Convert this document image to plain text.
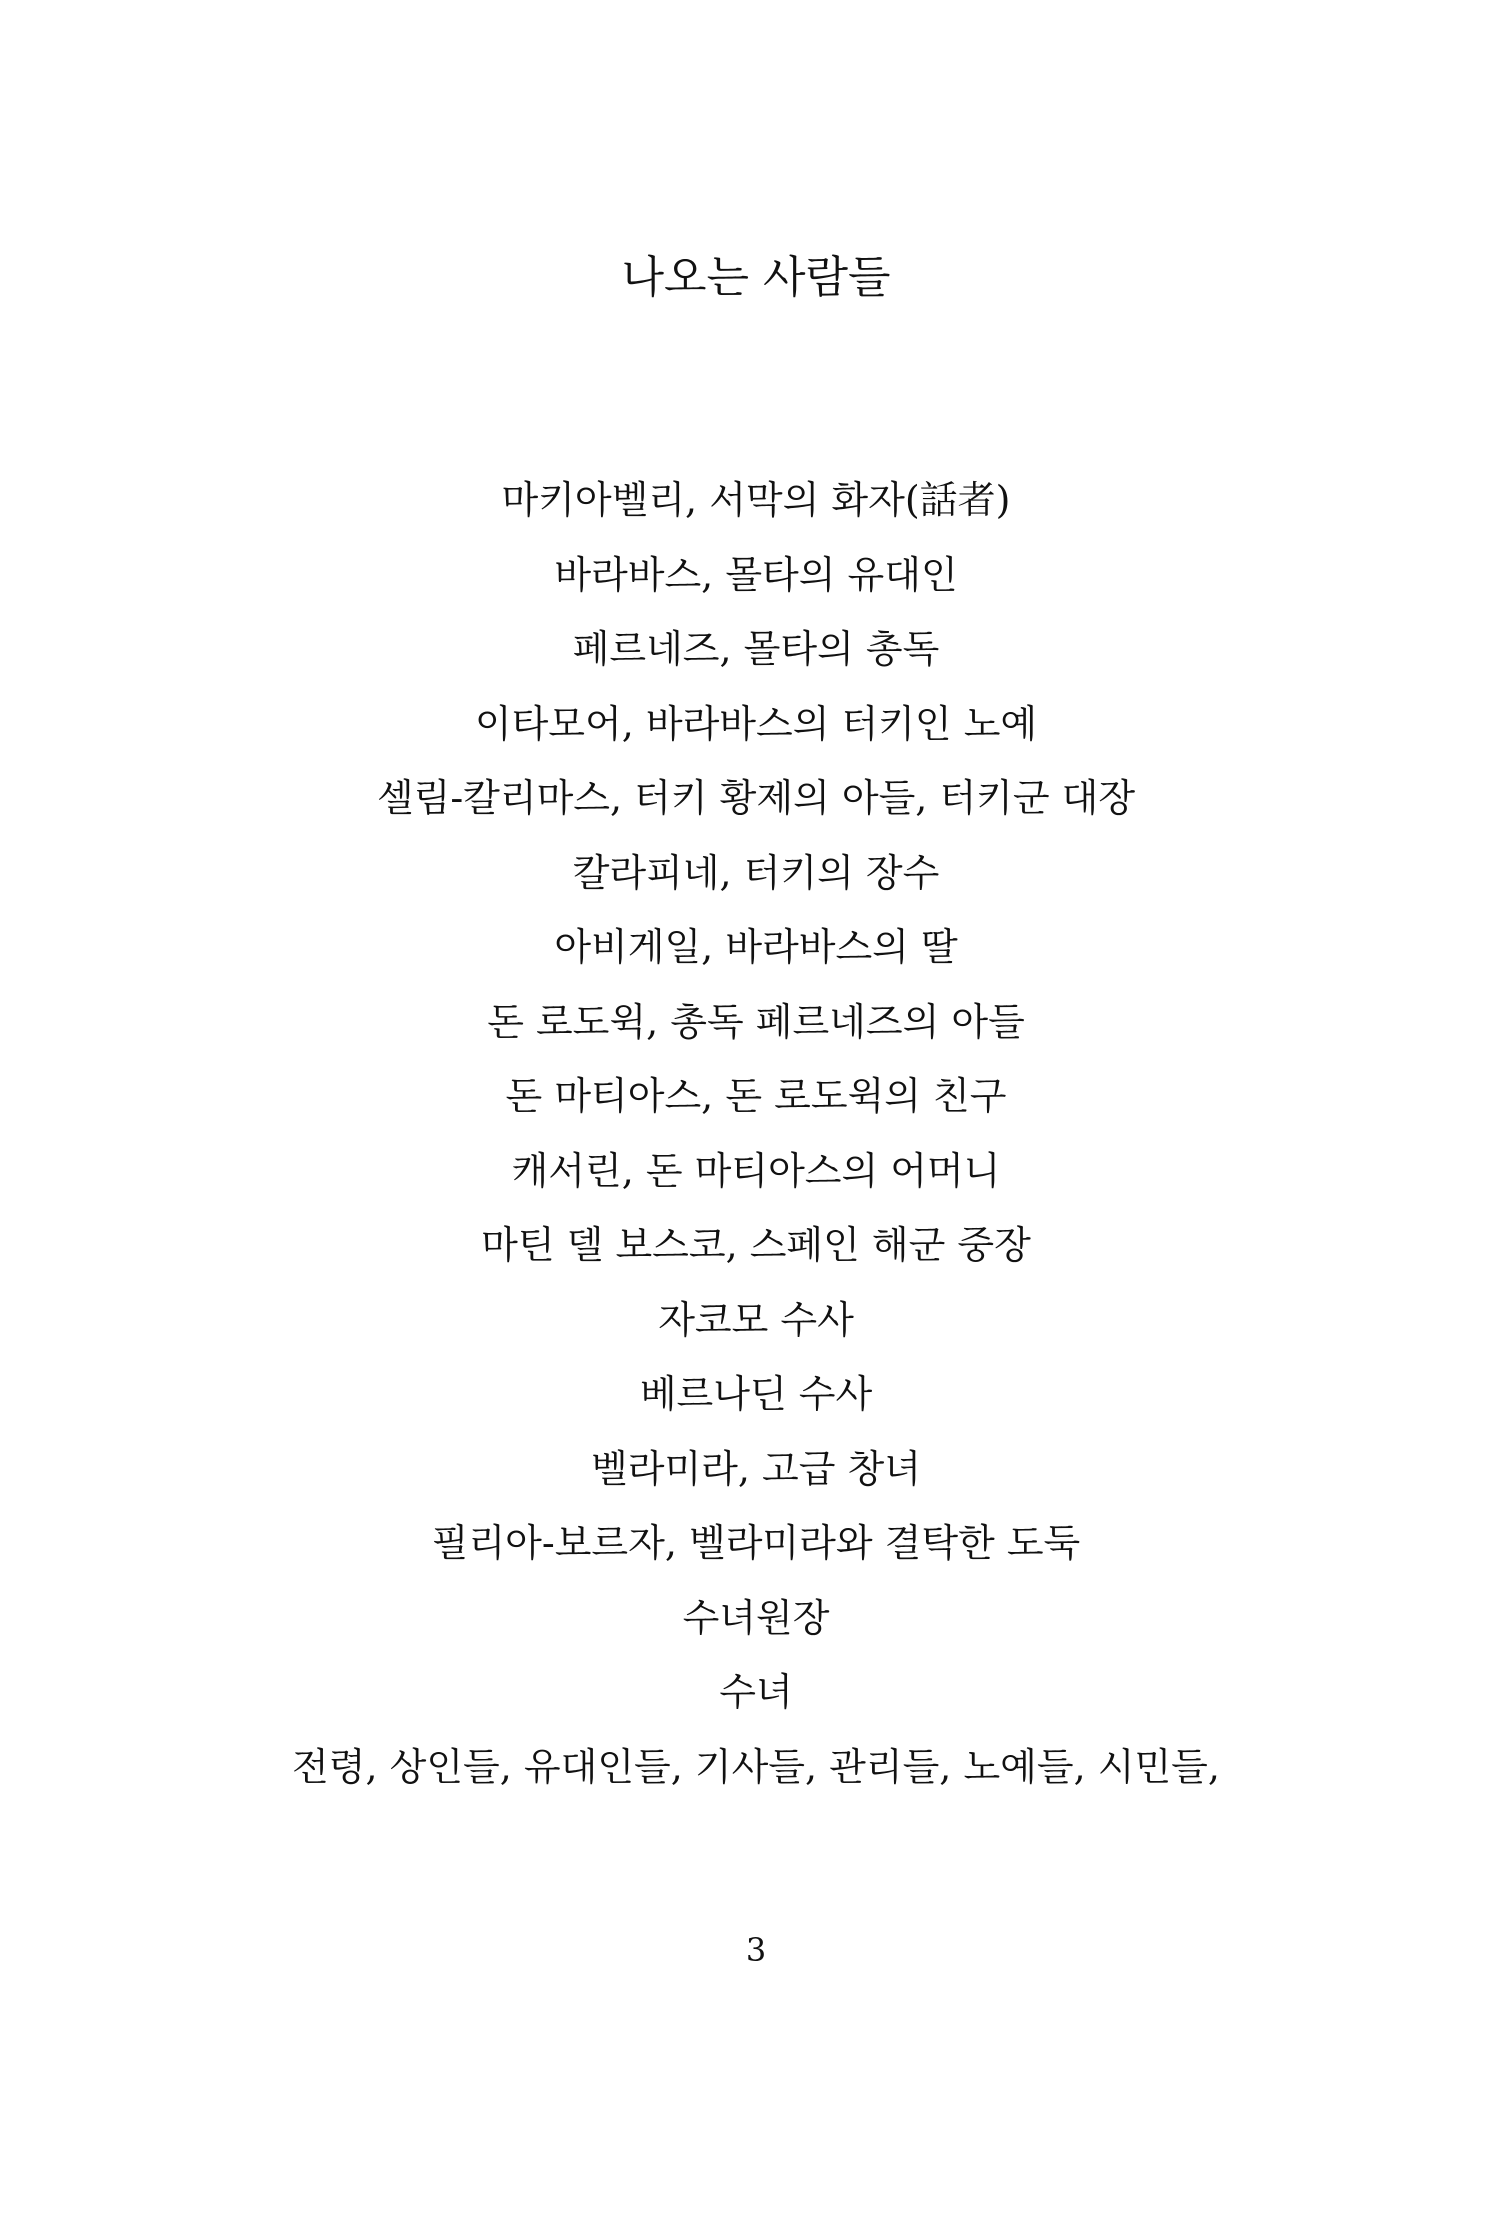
나오는 사람들
마키아벨리, 서막의 화자(話者)
바라바스, 몰타의 유대인
페르네즈, 몰타의 총독
이타모어, 바라바스의 터키인 노예
셀림-칼리마스, 터키 황제의 아들, 터키군 대장
칼라피네, 터키의 장수
아비게일, 바라바스의 딸
돈 로도윅, 총독 페르네즈의 아들
돈 마티아스, 돈 로도윅의 친구
캐서린, 돈 마티아스의 어머니
마틴 델 보스코, 스페인 해군 중장
자코모 수사
베르나딘 수사
벨라미라, 고급 창녀
필리아-보르자, 벨라미라와 결탁한 도둑
수녀원장
수녀
전령, 상인들, 유대인들, 기사들, 관리들, 노예들, 시민들,
3
